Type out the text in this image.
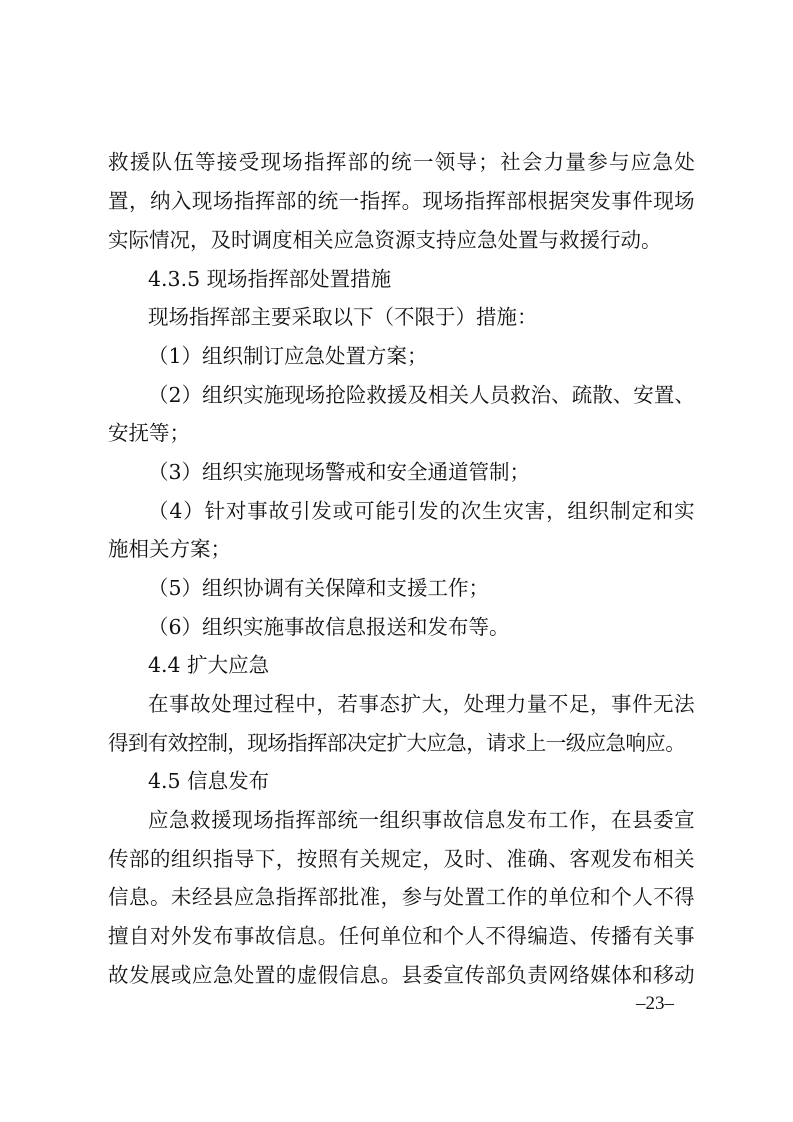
救 援 队 伍 等 接 受 现 场 指 挥 部 的 统 一 领 导 ； 社 会 力 量 参 与 应 急 处
置 ， 纳 入 现 场 指 挥 部 的 统 一 指 挥 。 现 场 指 挥 部 根 据 突 发 事 件 现 场
实际情况，及时调度相关应急资源支持应急处置与救援行动。
4.3.5 现场指挥部处置措施
现场指挥部主要采取以下（不限于）措施：
（1）组织制订应急处置方案；
（ 2 ） 组 织 实 施 现 场 抢 险 救 援 及 相 关 人 员 救 治 、 疏 散 、 安 置 、
安抚等；
（3）组织实施现场警戒和安全通道管制；
（ 4 ） 针 对 事 故 引 发 或 可 能 引 发 的 次 生 灾 害 ， 组 织 制 定 和 实
施相关方案；
（5）组织协调有关保障和支援工作；
（6）组织实施事故信息报送和发布等。
4.4 扩大应急
在 事 故 处 理 过 程 中 ， 若 事 态 扩 大 ， 处 理 力 量 不 足 ， 事 件 无 法
得到有效控制，现场指挥部决定扩大应急，请求上一级应急响应。
4.5 信息发布
应 急 救 援 现 场 指 挥 部 统 一 组 织 事 故 信 息 发 布 工 作 ， 在 县 委 宣
传 部 的 组 织 指 导 下 ， 按 照 有 关 规 定 ， 及 时 、 准 确 、 客 观 发 布 相 关
信 息 。 未 经 县 应 急 指 挥 部 批 准 ， 参 与 处 置 工 作 的 单 位 和 个 人 不 得
擅 自 对 外 发 布 事 故 信 息 。 任 何 单 位 和 个 人 不 得 编 造 、 传 播 有 关 事
故 发 展 或 应 急 处 置 的 虚 假 信 息 。 县 委 宣 传 部 负 责 网 络 媒 体 和 移 动
–23–
